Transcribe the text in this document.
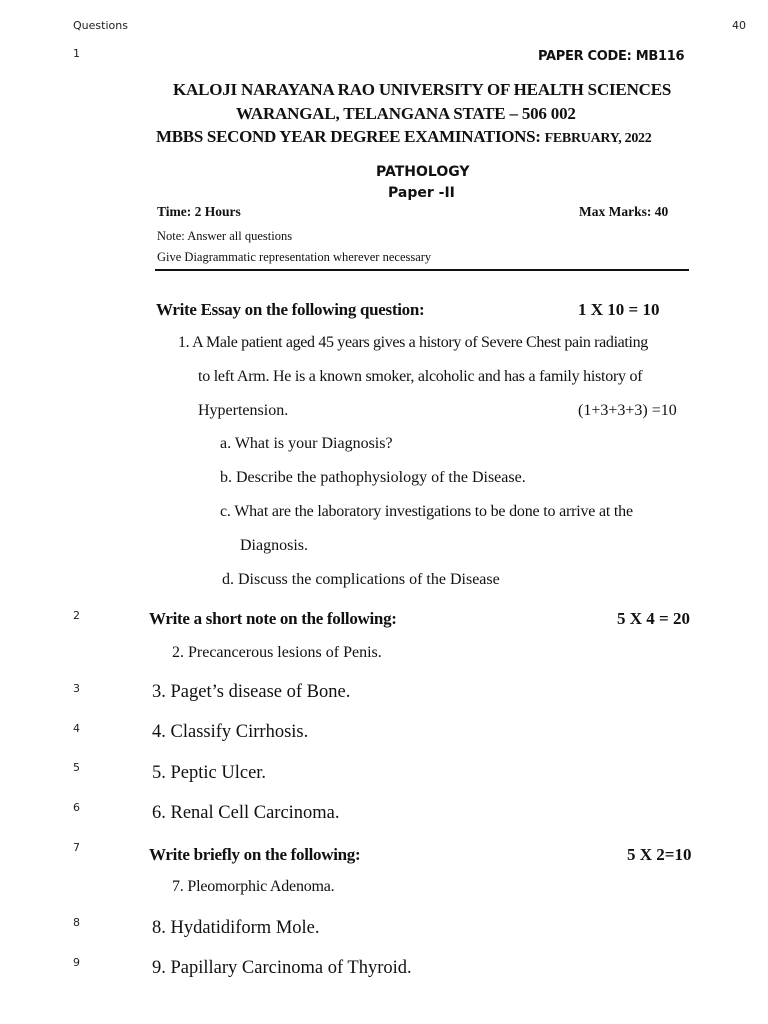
Questions	40
1
2
3
4
5
6
7
8
9
PAPER CODE: MB116
KALOJI NARAYANA RAO UNIVERSITY OF HEALTH SCIENCES
WARANGAL, TELANGANA STATE – 506 002
MBBS SECOND YEAR DEGREE EXAMINATIONS: FEBRUARY, 2022
PATHOLOGY
Paper -II
Time: 2 Hours	Max Marks: 40
Note: Answer all questions
Give Diagrammatic representation wherever necessary
Write Essay on the following question:	1 X 10 = 10
1. A Male patient aged 45 years gives a history of Severe Chest pain radiating
to left Arm. He is a known smoker, alcoholic and has a family history of
Hypertension.	(1+3+3+3) =10
a. What is your Diagnosis?
b. Describe the pathophysiology of the Disease.
c. What are the laboratory investigations to be done to arrive at the
Diagnosis.
d. Discuss the complications of the Disease
Write a short note on the following:	5 X 4 = 20
2. Precancerous lesions of Penis.
3. Paget’s disease of Bone.
4. Classify Cirrhosis.
5. Peptic Ulcer.
6. Renal Cell Carcinoma.
Write briefly on the following:	5 X 2=10
7. Pleomorphic Adenoma.
8. Hydatidiform Mole.
9. Papillary Carcinoma of Thyroid.
